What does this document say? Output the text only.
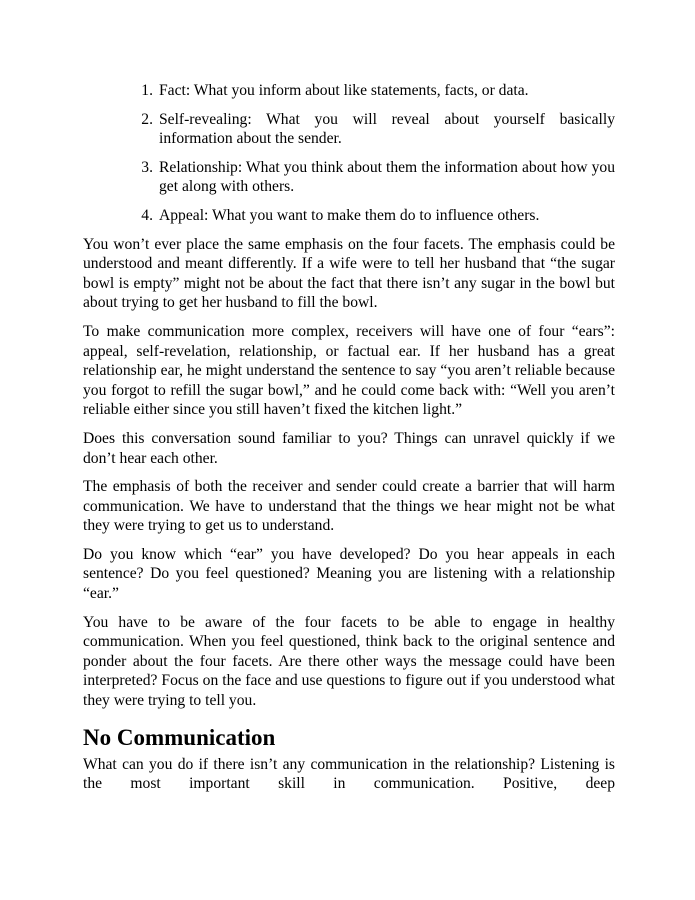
1. Fact: What you inform about like statements, facts, or data.
2. Self-revealing: What you will reveal about yourself basically information about the sender.
3. Relationship: What you think about them the information about how you get along with others.
4. Appeal: What you want to make them do to influence others.

You won’t ever place the same emphasis on the four facets. The emphasis could be understood and meant differently. If a wife were to tell her husband that “the sugar bowl is empty” might not be about the fact that there isn’t any sugar in the bowl but about trying to get her husband to fill the bowl.

To make communication more complex, receivers will have one of four “ears”: appeal, self-revelation, relationship, or factual ear. If her husband has a great relationship ear, he might understand the sentence to say “you aren’t reliable because you forgot to refill the sugar bowl,” and he could come back with: “Well you aren’t reliable either since you still haven’t fixed the kitchen light.”

Does this conversation sound familiar to you? Things can unravel quickly if we don’t hear each other.

The emphasis of both the receiver and sender could create a barrier that will harm communication. We have to understand that the things we hear might not be what they were trying to get us to understand.

Do you know which “ear” you have developed? Do you hear appeals in each sentence? Do you feel questioned? Meaning you are listening with a relationship “ear.”

You have to be aware of the four facets to be able to engage in healthy communication. When you feel questioned, think back to the original sentence and ponder about the four facets. Are there other ways the message could have been interpreted? Focus on the face and use questions to figure out if you understood what they were trying to tell you.

No Communication

What can you do if there isn’t any communication in the relationship? Listening is the most important skill in communication. Positive, deep
